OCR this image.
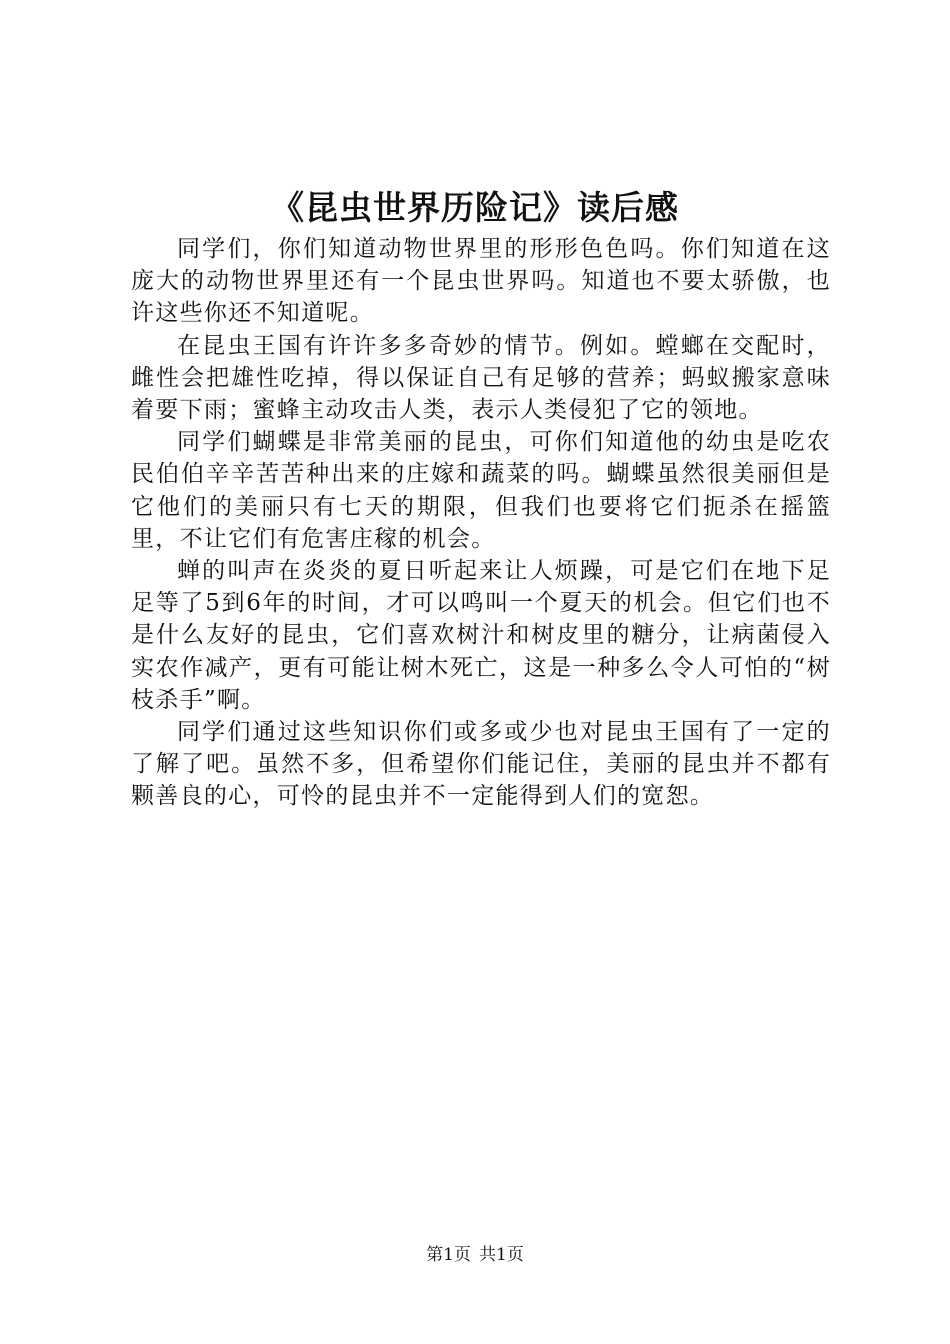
《昆虫世界历险记》读后感

同学们，你们知道动物世界里的形形色色吗。你们知道在这庞大的动物世界里还有一个昆虫世界吗。知道也不要太骄傲，也许这些你还不知道呢。

在昆虫王国有许许多多奇妙的情节。例如。螳螂在交配时，雌性会把雄性吃掉，得以保证自己有足够的营养；蚂蚁搬家意味着要下雨；蜜蜂主动攻击人类，表示人类侵犯了它的领地。

同学们蝴蝶是非常美丽的昆虫，可你们知道他的幼虫是吃农民伯伯辛辛苦苦种出来的庄嫁和蔬菜的吗。蝴蝶虽然很美丽但是它他们的美丽只有七天的期限，但我们也要将它们扼杀在摇篮里，不让它们有危害庄稼的机会。

蝉的叫声在炎炎的夏日听起来让人烦躁，可是它们在地下足足等了5到6年的时间，才可以鸣叫一个夏天的机会。但它们也不是什么友好的昆虫，它们喜欢树汁和树皮里的糖分，让病菌侵入实农作减产，更有可能让树木死亡，这是一种多么令人可怕的“树枝杀手”啊。

同学们通过这些知识你们或多或少也对昆虫王国有了一定的了解了吧。虽然不多，但希望你们能记住，美丽的昆虫并不都有颗善良的心，可怜的昆虫并不一定能得到人们的宽恕。

第1页 共1页
